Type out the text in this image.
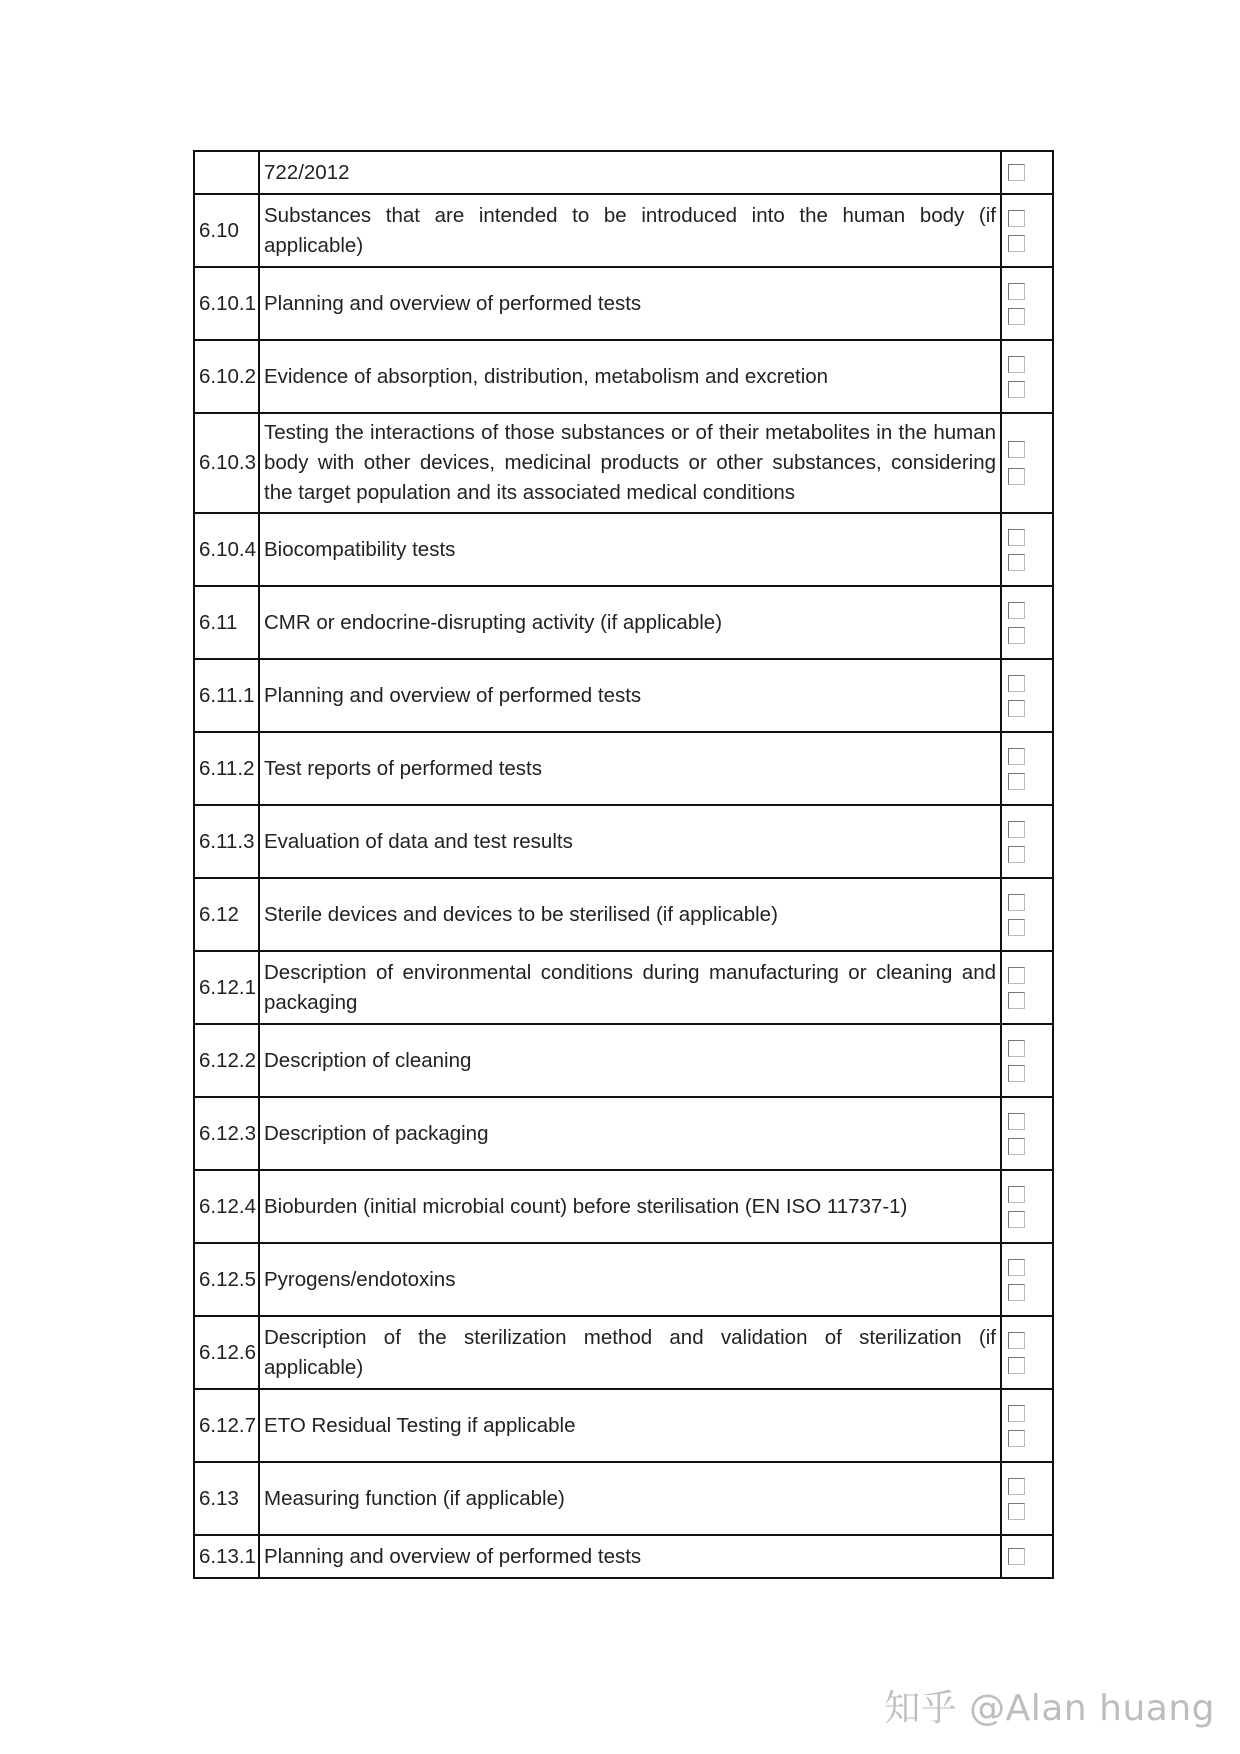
	722/2012	

6.10	Substances that are intended to be introduced into the human body (if applicable)	

6.10.1	Planning and overview of performed tests	

6.10.2	Evidence of absorption, distribution, metabolism and excretion	

6.10.3	Testing the interactions of those substances or of their metabolites in the human body with other devices, medicinal products or other substances, considering the target population and its associated medical conditions	

6.10.4	Biocompatibility tests	

6.11	CMR or endocrine-disrupting activity (if applicable)	

6.11.1	Planning and overview of performed tests	

6.11.2	Test reports of performed tests	

6.11.3	Evaluation of data and test results	

6.12	Sterile devices and devices to be sterilised (if applicable)	

6.12.1	Description of environmental conditions during manufacturing or cleaning and packaging	

6.12.2	Description of cleaning	

6.12.3	Description of packaging	

6.12.4	Bioburden (initial microbial count) before sterilisation (EN ISO 11737-1)	

6.12.5	Pyrogens/endotoxins	

6.12.6	Description of the sterilization method and validation of sterilization (if applicable)	

6.12.7	ETO Residual Testing if applicable	

6.13	Measuring function (if applicable)	

6.13.1	Planning and overview of performed tests	
知乎 @Alan huang
